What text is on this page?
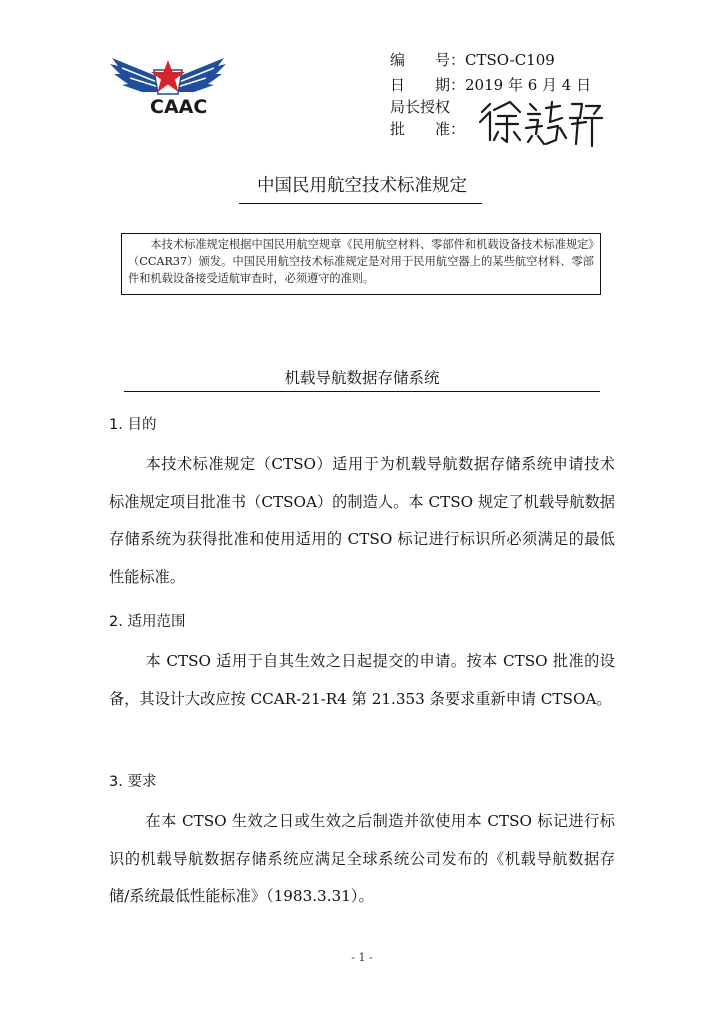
CAAC
编　　号：CTSO-C109
日　　期：2019 年 6 月 4 日
局长授权
批　　准：
中国民用航空技术标准规定

本技术标准规定根据中国民用航空规章《民用航空材料、零部件和机载设备技术标准规定》（CCAR37）颁发。中国民用航空技术标准规定是对用于民用航空器上的某些航空材料、零部件和机载设备接受适航审查时，必须遵守的准则。

机载导航数据存储系统
1. 目的

本技术标准规定（CTSO）适用于为机载导航数据存储系统申请技术标准规定项目批准书（CTSOA）的制造人。本 CTSO 规定了机载导航数据存储系统为获得批准和使用适用的 CTSO 标记进行标识所必须满足的最低性能标准。

2. 适用范围

本 CTSO 适用于自其生效之日起提交的申请。按本 CTSO 批准的设备，其设计大改应按 CCAR-21-R4 第 21.353 条要求重新申请 CTSOA。

3. 要求

在本 CTSO 生效之日或生效之后制造并欲使用本 CTSO 标记进行标识的机载导航数据存储系统应满足全球系统公司发布的《机载导航数据存储/系统最低性能标准》（1983.3.31）。

- 1 -
